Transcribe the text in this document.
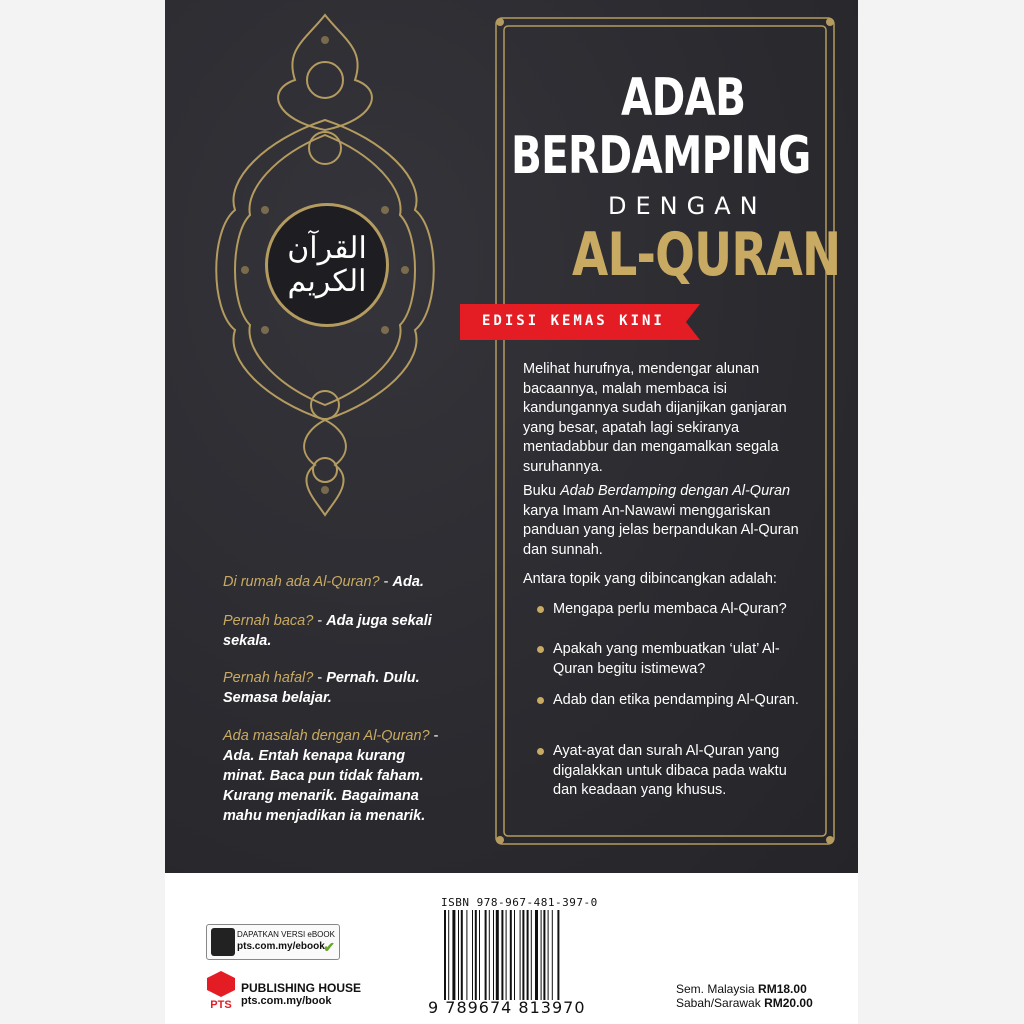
القرآن الكريم
ADAB
BERDAMPING
DENGAN
AL-QURAN
EDISI KEMAS KINI
Melihat hurufnya, mendengar alunan bacaannya, malah membaca isi kandungannya sudah dijanjikan ganjaran yang besar, apatah lagi sekiranya mentadabbur dan mengamalkan segala suruhannya.
Buku Adab Berdamping dengan Al-Quran karya Imam An-Nawawi menggariskan panduan yang jelas berpandukan Al-Quran dan sunnah.
Antara topik yang dibincangkan adalah:
Mengapa perlu membaca Al-Quran?
Apakah yang membuatkan ‘ulat’ Al-Quran begitu istimewa?
Adab dan etika pendamping Al-Quran.
Ayat-ayat dan surah Al-Quran yang digalakkan untuk dibaca pada waktu dan keadaan yang khusus.
Di rumah ada Al-Quran? - Ada.
Pernah baca? - Ada juga sekali sekala.
Pernah hafal? - Pernah. Dulu. Semasa belajar.
Ada masalah dengan Al-Quran? -
Ada. Entah kenapa kurang minat. Baca pun tidak faham. Kurang menarik. Bagaimana mahu menjadikan ia menarik.
ISBN 978-967-481-397-0
9 789674 813970
DAPATKAN VERSI eBOOK
pts.com.my/ebook
✔
PTS
PUBLISHING HOUSE
pts.com.my/book
Sem. Malaysia RM18.00
Sabah/Sarawak RM20.00
